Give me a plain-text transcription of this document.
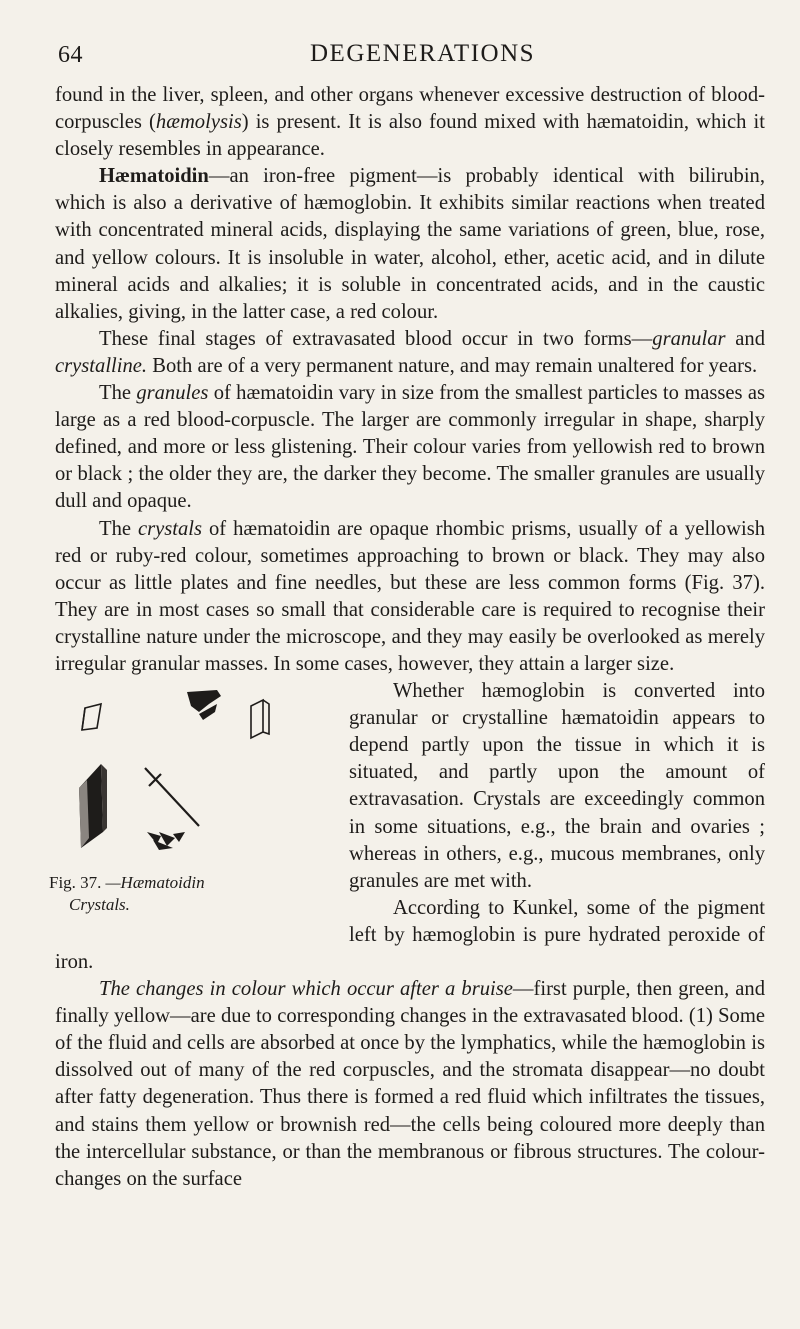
64	DEGENERATIONS

found in the liver, spleen, and other organs whenever excessive destruction of blood-corpuscles (hæmolysis) is present. It is also found mixed with hæmatoidin, which it closely resembles in appearance.

Hæmatoidin—an iron-free pigment—is probably identical with bilirubin, which is also a derivative of hæmoglobin. It exhibits similar reactions when treated with concentrated mineral acids, displaying the same variations of green, blue, rose, and yellow colours. It is insoluble in water, alcohol, ether, acetic acid, and in dilute mineral acids and alkalies; it is soluble in concentrated acids, and in the caustic alkalies, giving, in the latter case, a red colour.

These final stages of extravasated blood occur in two forms—granular and crystalline. Both are of a very permanent nature, and may remain unaltered for years.

The granules of hæmatoidin vary in size from the smallest particles to masses as large as a red blood-corpuscle. The larger are commonly irregular in shape, sharply defined, and more or less glistening. Their colour varies from yellowish red to brown or black ; the older they are, the darker they become. The smaller granules are usually dull and opaque.

The crystals of hæmatoidin are opaque rhombic prisms, usually of a yellowish red or ruby-red colour, sometimes approaching to brown or black. They may also occur as little plates and fine needles, but these are less common forms (Fig. 37). They are in most cases so small that considerable care is required to recognise their crystalline nature under the microscope, and they may easily be overlooked as merely irregular granular masses. In some cases, however, they attain a larger size.

Fig. 37. —Hæmatoidin
Crystals.

Whether hæmoglobin is converted into granular or crystalline hæmatoidin appears to depend partly upon the tissue in which it is situated, and partly upon the amount of extravasation. Crystals are exceedingly common in some situations, e.g., the brain and ovaries ; whereas in others, e.g., mucous membranes, only granules are met with.

According to Kunkel, some of the pigment left by hæmoglobin is pure hydrated peroxide of iron.

The changes in colour which occur after a bruise—first purple, then green, and finally yellow—are due to corresponding changes in the extravasated blood. (1) Some of the fluid and cells are absorbed at once by the lymphatics, while the hæmoglobin is dissolved out of many of the red corpuscles, and the stromata disappear—no doubt after fatty degeneration. Thus there is formed a red fluid which infiltrates the tissues, and stains them yellow or brownish red—the cells being coloured more deeply than the intercellular substance, or than the membranous or fibrous structures. The colour-changes on the surface
